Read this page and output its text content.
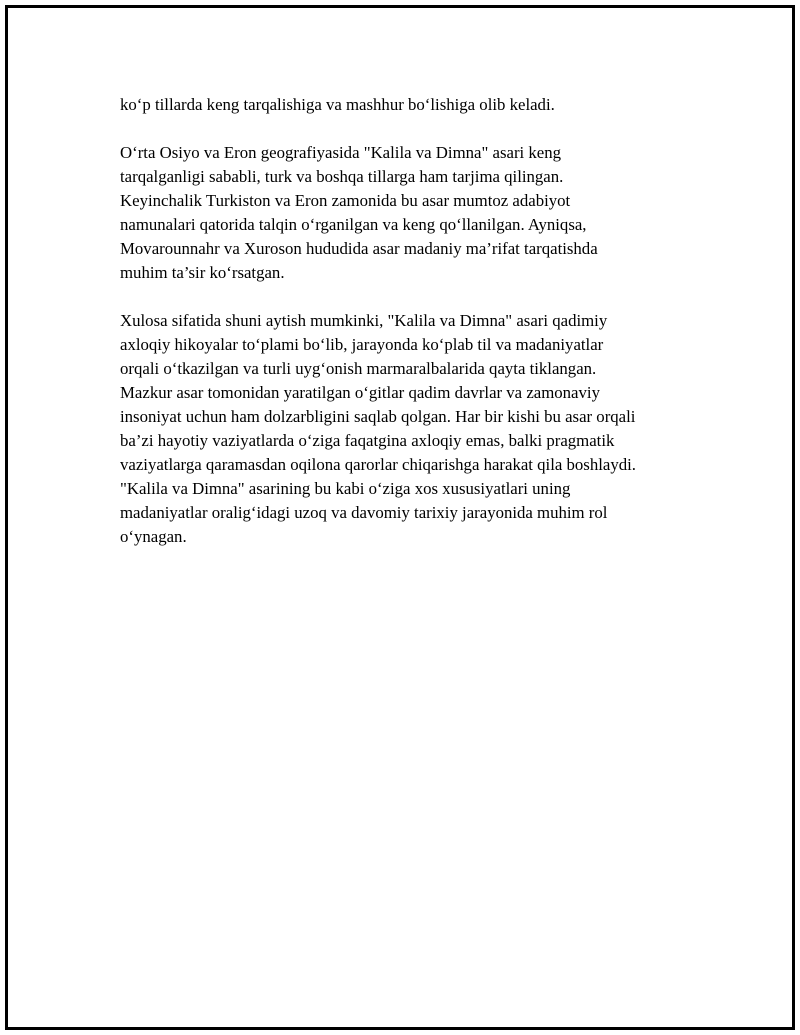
ko‘p tillarda keng tarqalishiga va mashhur bo‘lishiga olib keladi.

O‘rta Osiyo va Eron geografiyasida "Kalila va Dimna" asari keng
tarqalganligi sababli, turk va boshqa tillarga ham tarjima qilingan.
Keyinchalik Turkiston va Eron zamonida bu asar mumtoz adabiyot
namunalari qatorida talqin o‘rganilgan va keng qo‘llanilgan. Ayniqsa,
Movarounnahr va Xuroson hududida asar madaniy ma’rifat tarqatishda
muhim ta’sir ko‘rsatgan.

Xulosa sifatida shuni aytish mumkinki, "Kalila va Dimna" asari qadimiy
axloqiy hikoyalar to‘plami bo‘lib, jarayonda ko‘plab til va madaniyatlar
orqali o‘tkazilgan va turli uyg‘onish marmaralbalarida qayta tiklangan.
Mazkur asar tomonidan yaratilgan o‘gitlar qadim davrlar va zamonaviy
insoniyat uchun ham dolzarbligini saqlab qolgan. Har bir kishi bu asar orqali
ba’zi hayotiy vaziyatlarda o‘ziga faqatgina axloqiy emas, balki pragmatik
vaziyatlarga qaramasdan oqilona qarorlar chiqarishga harakat qila boshlaydi.
"Kalila va Dimna" asarining bu kabi o‘ziga xos xususiyatlari uning
madaniyatlar oralig‘idagi uzoq va davomiy tarixiy jarayonida muhim rol
o‘ynagan.
